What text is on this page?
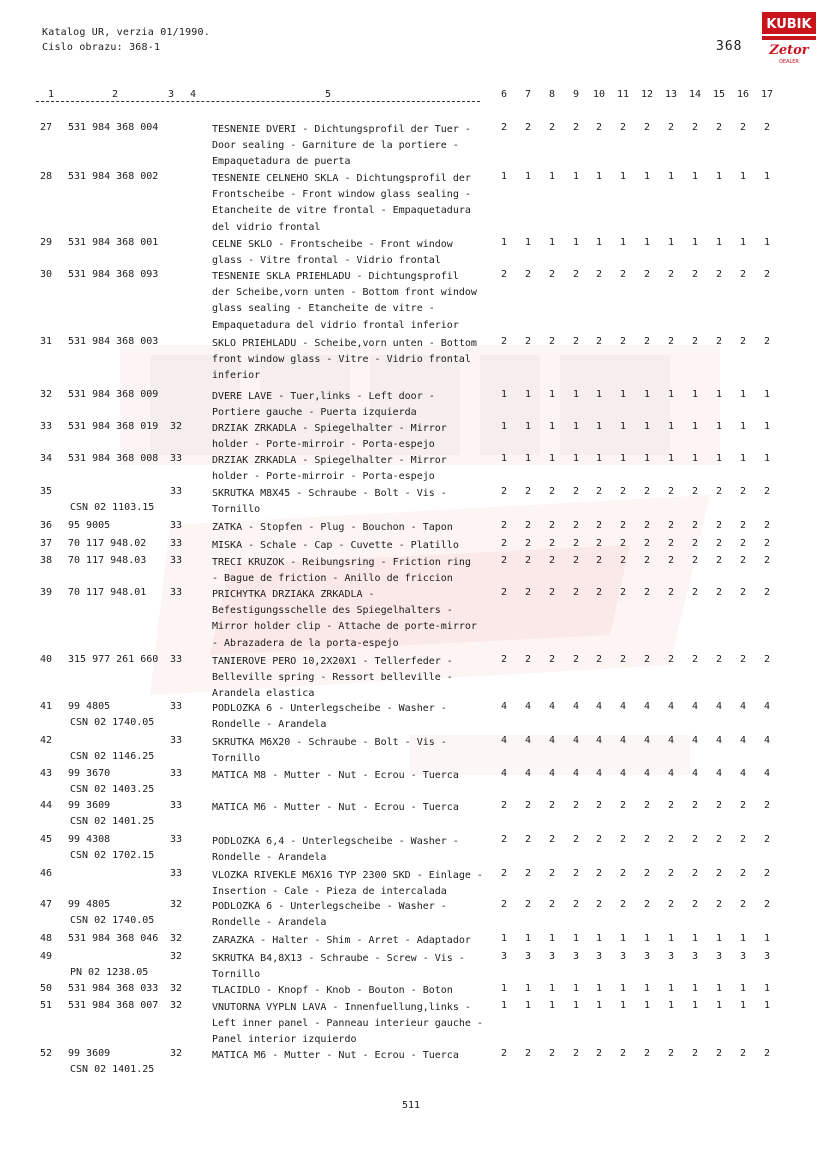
Katalog UR, verzia 01/1990.
Cislo obrazu: 368-1	368
KUBIK
Zetor
DEALER
1	2	3 4	5	6	7	8	9	10	11	12	13	14	15	16	17
27	531 984 368 004	TESNENIE DVERI - Dichtungsprofil der Tuer -
Door sealing - Garniture de la portiere -
Empaquetadura de puerta
2	2	2	2	2	2	2	2	2	2	2	2
28	531 984 368 002	TESNENIE CELNEHO SKLA - Dichtungsprofil der
Frontscheibe - Front window glass sealing -
Etancheite de vitre frontal - Empaquetadura
del vidrio frontal
1	1	1	1	1	1	1	1	1	1	1	1
29	531 984 368 001	CELNE SKLO - Frontscheibe - Front window
glass - Vitre frontal - Vidrio frontal
1	1	1	1	1	1	1	1	1	1	1	1
30	531 984 368 093	TESNENIE SKLA PRIEHLADU - Dichtungsprofil
der Scheibe,vorn unten - Bottom front window
glass sealing - Etancheite de vitre -
Empaquetadura del vidrio frontal inferior
2	2	2	2	2	2	2	2	2	2	2	2
31	531 984 368 003	SKLO PRIEHLADU - Scheibe,vorn unten - Bottom
front window glass - Vitre - Vidrio frontal
inferior
2	2	2	2	2	2	2	2	2	2	2	2
32	531 984 368 009	DVERE LAVE - Tuer,links - Left door -
Portiere gauche - Puerta izquierda
1	1	1	1	1	1	1	1	1	1	1	1
33	531 984 368 019	32	DRZIAK ZRKADLA - Spiegelhalter - Mirror
holder - Porte-mirroir - Porta-espejo
1	1	1	1	1	1	1	1	1	1	1	1
34	531 984 368 008	33	DRZIAK ZRKADLA - Spiegelhalter - Mirror
holder - Porte-mirroir - Porta-espejo
1	1	1	1	1	1	1	1	1	1	1	1
35	33
CSN 02 1103.15
SKRUTKA M8X45 - Schraube - Bolt - Vis -
Tornillo
2	2	2	2	2	2	2	2	2	2	2	2
36	95 9005	33	ZATKA - Stopfen - Plug - Bouchon - Tapon	2	2	2	2	2	2	2	2	2	2	2	2
37	70 117 948.02	33	MISKA - Schale - Cap - Cuvette - Platillo	2	2	2	2	2	2	2	2	2	2	2	2
38	70 117 948.03	33	TRECI KRUZOK - Reibungsring - Friction ring
- Bague de friction - Anillo de friccion
2	2	2	2	2	2	2	2	2	2	2	2
39	70 117 948.01	33	PRICHYTKA DRZIAKA ZRKADLA -
Befestigungsschelle des Spiegelhalters -
Mirror holder clip - Attache de porte-mirror
- Abrazadera de la porta-espejo
2	2	2	2	2	2	2	2	2	2	2	2
40	315 977 261 660	33	TANIEROVE PERO 10,2X20X1 - Tellerfeder -
Belleville spring - Ressort belleville -
Arandela elastica
2	2	2	2	2	2	2	2	2	2	2	2
41	99 4805	33
CSN 02 1740.05
PODLOZKA 6 - Unterlegscheibe - Washer -
Rondelle - Arandela
4	4	4	4	4	4	4	4	4	4	4	4
42	33
CSN 02 1146.25
SKRUTKA M6X20 - Schraube - Bolt - Vis -
Tornillo
4	4	4	4	4	4	4	4	4	4	4	4
43	99 3670	33
CSN 02 1403.25
MATICA M8 - Mutter - Nut - Ecrou - Tuerca	4	4	4	4	4	4	4	4	4	4	4	4
44	99 3609	33
CSN 02 1401.25
MATICA M6 - Mutter - Nut - Ecrou - Tuerca	2	2	2	2	2	2	2	2	2	2	2	2
45	99 4308	33
CSN 02 1702.15
PODLOZKA 6,4 - Unterlegscheibe - Washer -
Rondelle - Arandela
2	2	2	2	2	2	2	2	2	2	2	2
46	33	VLOZKA RIVEKLE M6X16 TYP 2300 SKD - Einlage -
Insertion - Cale - Pieza de intercalada
2	2	2	2	2	2	2	2	2	2	2	2
47	99 4805	32
CSN 02 1740.05
PODLOZKA 6 - Unterlegscheibe - Washer -
Rondelle - Arandela
2	2	2	2	2	2	2	2	2	2	2	2
48	531 984 368 046	32	ZARAZKA - Halter - Shim - Arret - Adaptador	1	1	1	1	1	1	1	1	1	1	1	1
49	32
PN 02 1238.05
SKRUTKA B4,8X13 - Schraube - Screw - Vis -
Tornillo
3	3	3	3	3	3	3	3	3	3	3	3
50	531 984 368 033	32	TLACIDLO - Knopf - Knob - Bouton - Boton	1	1	1	1	1	1	1	1	1	1	1	1
51	531 984 368 007	32	VNUTORNA VYPLN LAVA - Innenfuellung,links -
Left inner panel - Panneau interieur gauche -
Panel interior izquierdo
1	1	1	1	1	1	1	1	1	1	1	1
52	99 3609	32
CSN 02 1401.25
MATICA M6 - Mutter - Nut - Ecrou - Tuerca	2	2	2	2	2	2	2	2	2	2	2	2
511
